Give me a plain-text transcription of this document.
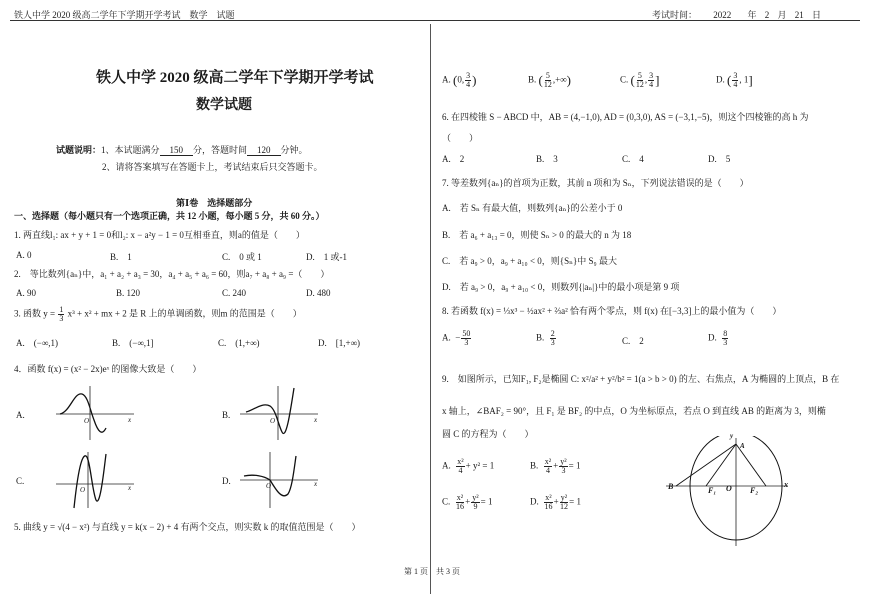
铁人中学 2020 级高二学年下学期开学考试　数学　试题	考试时间： 2022 年 2 月 21 日
铁人中学 2020 级高二学年下学期开学考试
数学试题
试题说明：1、本试题满分 150 分，答题时间 120 分钟。
2、请将答案填写在答题卡上，考试结束后只交答题卡。
第Ⅰ卷　选择题部分
一、选择题（每小题只有一个选项正确，共 12 小题，每小题 5 分，共 60 分。）
1. 两直线l₁: ax + y + 1 = 0和l₂: x − a²y − 1 = 0互相垂直，则a的值是（　　）
A. 0	B.　1	C.　0 或 1	D.　1 或-1
2.　等比数列{aₙ}中，a₁ + a₂ + a₃ = 30，a₄ + a₅ + a₆ = 60，则a₇ + a₈ + a₉ =（　　）
A. 90	B. 120	C. 240	D. 480
3. 函数 $y = \frac{1}{3} x^3 + x^2$ + mx + 2 是 R 上的单调函数，则m 的范围是（　　）
A.　(−∞,1)	B.　(−∞,1]	C.　(1,+∞)	D.　[1,+∞)
4．函数 f(x) = (x² − 2x)eˣ 的图像大致是（　　）
A.
O	x	B.
O	x
C.
O	x
D.	O	x
5. 曲线 y = √(4 − x²) 与直线 y = k(x − 2) + 4 有两个交点，则实数 k 的取值范围是（　　）
第 1 页　共 3 页
A. (0, $\frac{3}{4}$ )	B. ( $\frac{5}{12}$ ,+∞)	C. ( $\frac{5}{12}$ , $\frac{3}{4}$ ]	D. ( $\frac{3}{4}$ , 1]
6. 在四棱锥 S − ABCD 中，AB = (4,−1,0), AD = (0,3,0), AS = (−3,1,−5)，则这个四棱锥的高 h 为
（　　）
A.　2	B.　3	C.　4	D.　5
7. 等差数列{aₙ}的首项为正数，其前 n 项和为 Sₙ，下列说法错误的是（　　）
A.　若 Sₙ 有最大值，则数列{aₙ}的公差小于 0
B.　若 a₆ + a₁₃ = 0，则使 Sₙ > 0 的最大的 n 为 18
C.　若 a₉ > 0，a₉ + a₁₀ < 0，则{Sₙ}中 S₉ 最大
D.　若 a₉ > 0，a₉ + a₁₀ < 0，则数列{|aₙ|}中的最小项是第 9 项
8. 若函数 f(x) = ⅓x³ − ½ax² + ⅔a² 恰有两个零点，则 f(x) 在[−3,3]上的最小值为（　　）
A. − $\frac{50}{3}$	B. $\frac{2}{3}$	C.　2	D. $\frac{8}{3}$
9.　如图所示，已知F₁, F₂是椭圆 C: x²/a² + y²/b² = 1(a > b > 0) 的左、右焦点，A 为椭圆的上顶点，B 在
x 轴上，∠BAF₂ = 90°，且 F₁ 是 BF₂ 的中点，O 为坐标原点，若点 O 到直线 AB 的距离为 3，则椭
圆 C 的方程为（　　）
A. $\frac{\text{x²}}{4} + y^2 = 1$	B. $\frac{\text{x²}}{4} + \frac{\text{y²}}{3} = 1$
C. $\frac{\text{x²}}{16} + \frac{\text{y²}}{9} = 1$	D. $\frac{\text{x²}}{16} + \frac{\text{y²}}{12} = 1$
y
A
B	F₁ O F₂
x
